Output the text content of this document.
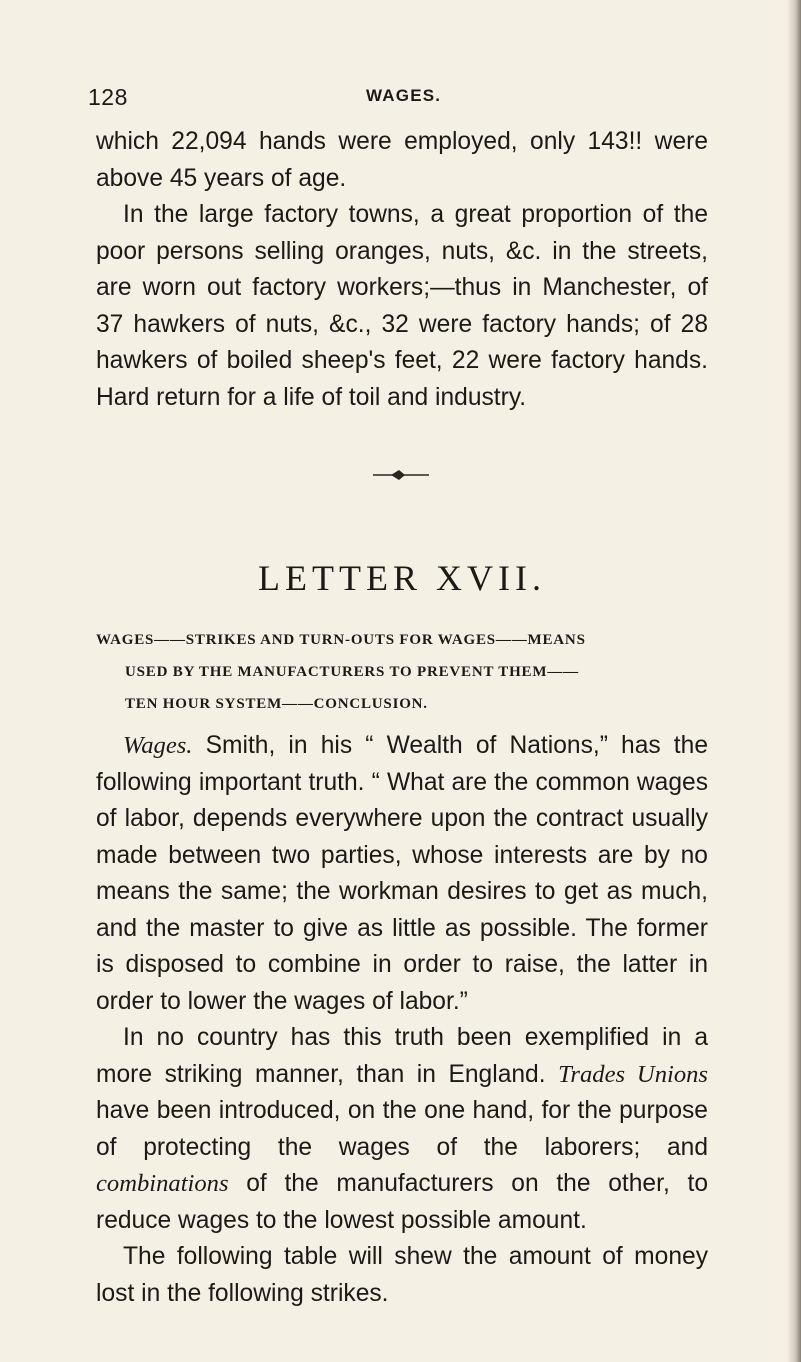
128	WAGES.

which 22,094 hands were employed, only 143!! were above 45 years of age.

In the large factory towns, a great proportion of the poor persons selling oranges, nuts, &c. in the streets, are worn out factory workers;—thus in Manchester, of 37 hawkers of nuts, &c., 32 were factory hands; of 28 hawkers of boiled sheep's feet, 22 were factory hands. Hard return for a life of toil and industry.

LETTER XVII.
WAGES——STRIKES AND TURN-OUTS FOR WAGES——MEANS
USED BY THE MANUFACTURERS TO PREVENT THEM——
TEN HOUR SYSTEM——CONCLUSION.

Wages. Smith, in his “ Wealth of Nations,” has the following important truth. “ What are the common wages of labor, depends everywhere upon the contract usually made between two parties, whose interests are by no means the same; the workman desires to get as much, and the master to give as little as possible. The former is disposed to combine in order to raise, the latter in order to lower the wages of labor.”

In no country has this truth been exemplified in a more striking manner, than in England. Trades Unions have been introduced, on the one hand, for the purpose of protecting the wages of the laborers; and combinations of the manufacturers on the other, to reduce wages to the lowest possible amount.

The following table will shew the amount of money lost in the following strikes.
